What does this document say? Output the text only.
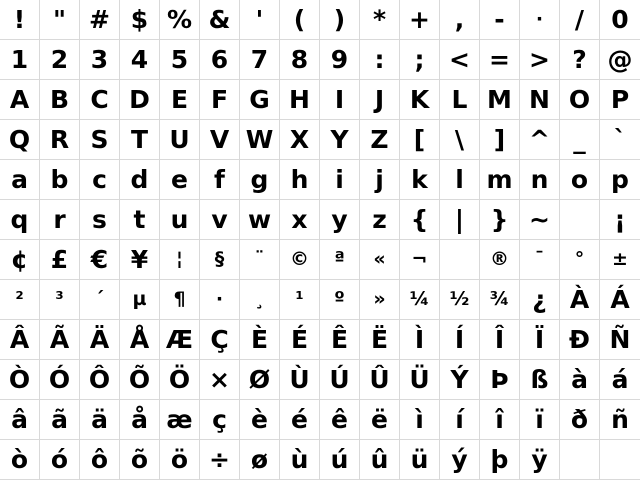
! " # $ % & ' ( ) * + , - · / 0
1 2 3 4 5 6 7 8 9 : ; < = > ? @
A B C D E F G H I J K L M N O P
Q R S T U V W X Y Z [ \ ] ^ _ `
a b c d e f g h i j k l m n o p
q r s t u v w x y z { | } ~
	¡
¢ £ € ¥ ¦ § ¨ © ª « ¬	® ¯ ° ±
² ³ ´ µ ¶ · ¸ ¹ º » ¼ ½ ¾ ¿ À Á
Â Ã Ä Å Æ Ç È É Ê Ë Ì Í Î Ï Ð Ñ
Ò Ó Ô Õ Ö × Ø Ù Ú Û Ü Ý Þ ß à á
â ã ä å æ ç è é ê ë ì í î ï ð ñ
ò ó ô õ ö ÷ ø ù ú û ü ý þ ÿ
